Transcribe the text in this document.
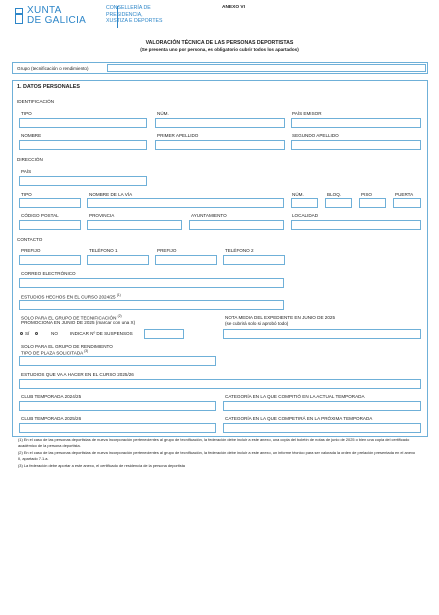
XUNTA
DE GALICIA
CONSELLERÍA DE
PRESIDENCIA,
XUSTIZA E DEPORTES
ANEXO VI
VALORACIÓN TÉCNICA DE LAS PERSONAS DEPORTISTAS
(Se presenta uno por persona, es obligatorio cubrir todos los apartados)
Grupo (tecnificación o rendimiento)
1. DATOS PERSONALES
IDENTIFICACIÓN
TIPO	NÚM.	PAÍS EMISOR
NOMBRE	PRIMER APELLIDO	SEGUNDO APELLIDO
DIRECCIÓN
PAÍS
TIPO	NOMBRE DE LA VÍA	NÚM.	BLOQ.	PISO	PUERTA
CÓDIGO POSTAL	PROVINCIA	AYUNTAMIENTO	LOCALIDAD
CONTACTO
PREFIJO	TELÉFONO 1	PREFIJO	TELÉFONO 2
CORREO ELECTRÓNICO
ESTUDIOS HECHOS EN EL CURSO 2024/25 $^{(1)}$
SOLO PARA EL GRUPO DE TECNIFICACIÓN $^{(2)}$
PROMOCIONA EN JUNIO DE 2025 (marcar con una X)
NOTA MEDIA DEL EXPEDIENTE EN JUNIO DE 2025
(se cubrirá solo si aprobó todo)
SÍ	NO	INDICAR Nº DE SUSPENSOS
SOLO PARA EL GRUPO DE RENDIMIENTO
TIPO DE PLAZA SOLICITADA $^{(3)}$
ESTUDIOS QUE VA A HACER EN EL CURSO 2025/26
CLUB TEMPORADA 2024/25	CATEGORÍA EN LA QUE COMPITIÓ EN LA ACTUAL TEMPORADA
CLUB TEMPORADA 2025/26	CATEGORÍA EN LA QUE COMPETIRÁ EN LA PRÓXIMA TEMPORADA
(1) En el caso de las personas deportistas de nueva incorporación pertenecientes al grupo de tecnificación, la federación debe incluir a este anexo, una copia del boletín de notas de junio de 2025 o bien una copia del certificado académico de la persona deportista.
(2) En el caso de las personas deportistas de nueva incorporación pertenecientes al grupo de tecnificación, la federación debe incluir a este anexo, un informe técnico para ser valorada la orden de prelación presentada en el anexo II, apartado 7.1.a.
(3) La federación debe aportar a este anexo, el certificado de residencia de la persona deportista
